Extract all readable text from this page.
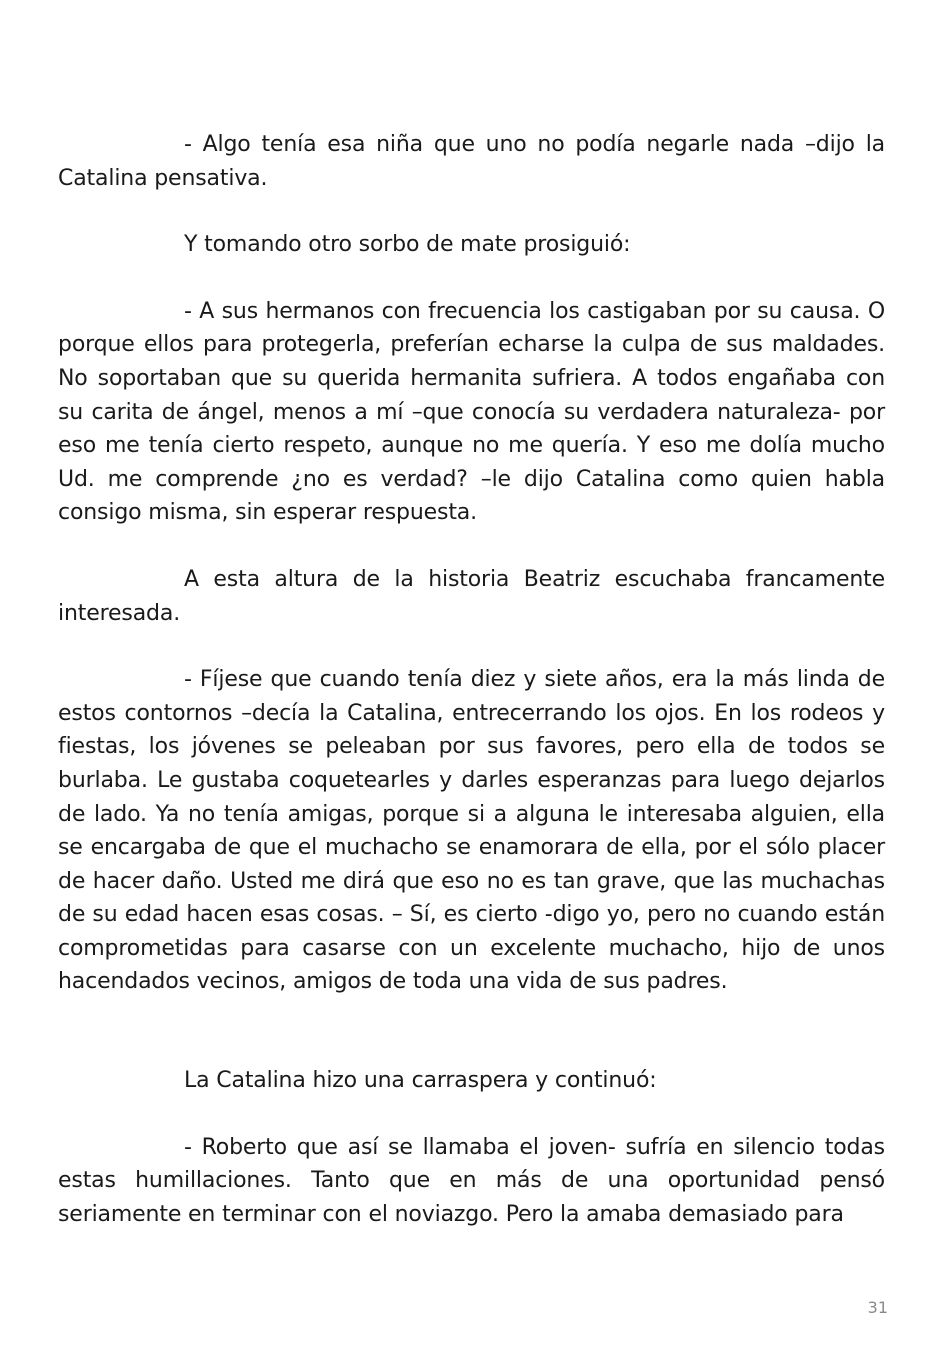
- Algo tenía esa niña que uno no podía negarle nada –dijo la Catalina pensativa.

Y tomando otro sorbo de mate prosiguió:

- A sus hermanos con frecuencia los castigaban por su causa. O porque ellos para protegerla, preferían echarse la culpa de sus maldades. No soportaban que su querida hermanita sufriera. A todos engañaba con su carita de ángel, menos a mí –que conocía su verdadera naturaleza- por eso me tenía cierto respeto, aunque no me quería. Y eso me dolía mucho Ud. me comprende ¿no es verdad? –le dijo Catalina como quien habla consigo misma, sin esperar respuesta.

A esta altura de la historia Beatriz escuchaba francamente interesada.

- Fíjese que cuando tenía diez y siete años, era la más linda de estos contornos –decía la Catalina, entrecerrando los ojos. En los rodeos y fiestas, los jóvenes se peleaban por sus favores, pero ella de todos se burlaba. Le gustaba coquetearles y darles esperanzas para luego dejarlos de lado. Ya no tenía amigas, porque si a alguna le interesaba alguien, ella se encargaba de que el muchacho se enamorara de ella, por el sólo placer de hacer daño. Usted me dirá que eso no es tan grave, que las muchachas de su edad hacen esas cosas. – Sí, es cierto -digo yo, pero no cuando están comprometidas para casarse con un excelente muchacho, hijo de unos hacendados vecinos, amigos de toda una vida de sus padres.

La Catalina hizo una carraspera y continuó:

- Roberto que así se llamaba el joven- sufría en silencio todas estas humillaciones. Tanto que en más de una oportunidad pensó seriamente en terminar con el noviazgo. Pero la amaba demasiado para

31
